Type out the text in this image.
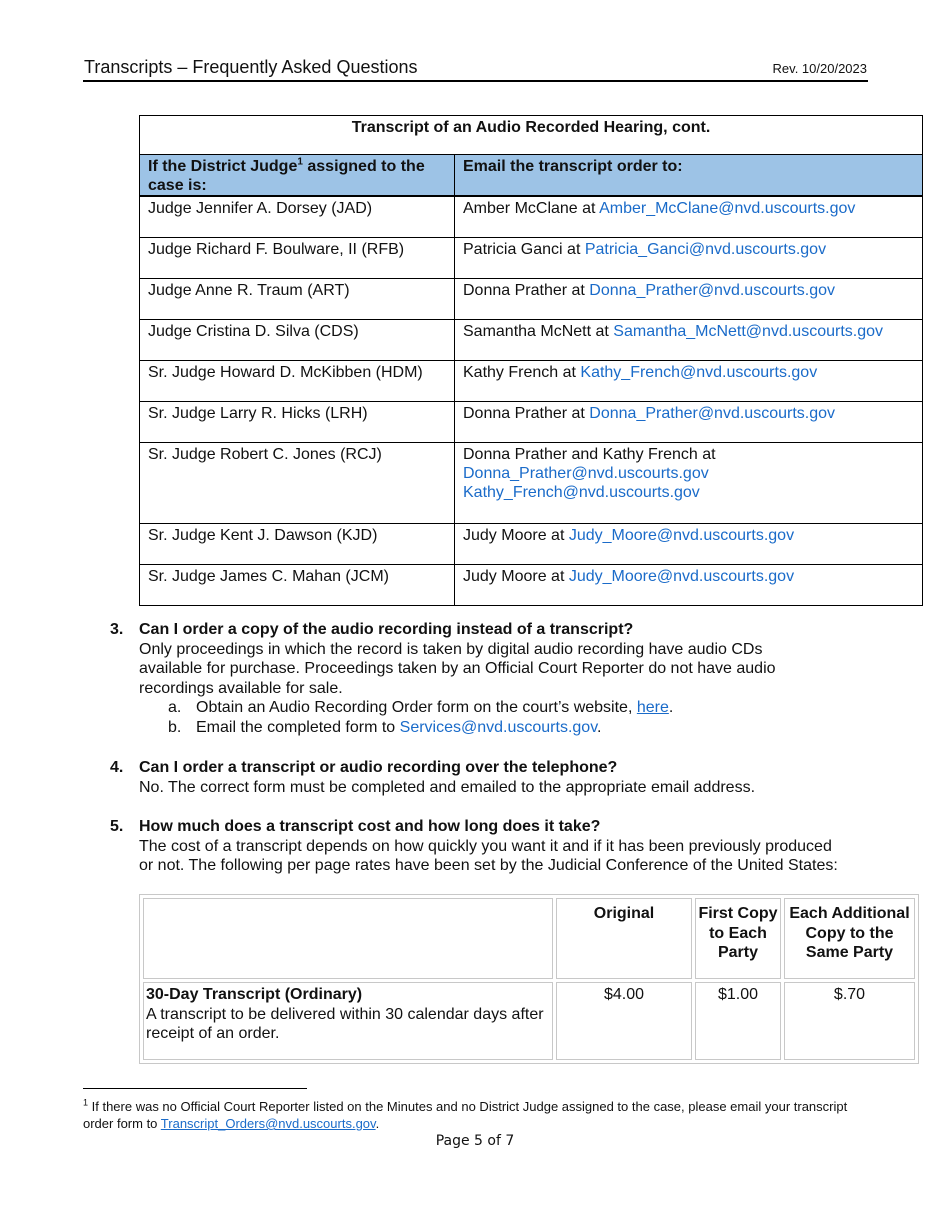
Transcripts – Frequently Asked Questions	Rev. 10/20/2023
Transcript of an Audio Recorded Hearing, cont.	
If the District Judge$^1$ assigned to the case is:	Email the transcript order to:
Judge Jennifer A. Dorsey (JAD)	Amber McClane at Amber_McClane@nvd.uscourts.gov
Judge Richard F. Boulware, II (RFB)	Patricia Ganci at Patricia_Ganci@nvd.uscourts.gov
Judge Anne R. Traum (ART)	Donna Prather at Donna_Prather@nvd.uscourts.gov
Judge Cristina D. Silva (CDS)	Samantha McNett at Samantha_McNett@nvd.uscourts.gov
Sr. Judge Howard D. McKibben (HDM)	Kathy French at Kathy_French@nvd.uscourts.gov
Sr. Judge Larry R. Hicks (LRH)	Donna Prather at Donna_Prather@nvd.uscourts.gov
Sr. Judge Robert C. Jones (RCJ)	Donna Prather and Kathy French at
Donna_Prather@nvd.uscourts.gov
Kathy_French@nvd.uscourts.gov

Sr. Judge Kent J. Dawson (KJD)	Judy Moore at Judy_Moore@nvd.uscourts.gov
Sr. Judge James C. Mahan (JCM)	Judy Moore at Judy_Moore@nvd.uscourts.gov
3. Can I order a copy of the audio recording instead of a transcript?
Only proceedings in which the record is taken by digital audio recording have audio CDs
available for purchase. Proceedings taken by an Official Court Reporter do not have audio
recordings available for sale.
a. Obtain an Audio Recording Order form on the court’s website, here.
b. Email the completed form to Services@nvd.uscourts.gov.
4. Can I order a transcript or audio recording over the telephone?
No. The correct form must be completed and emailed to the appropriate email address.
5. How much does a transcript cost and how long does it take?
The cost of a transcript depends on how quickly you want it and if it has been previously produced
or not. The following per page rates have been set by the Judicial Conference of the United States:
	Original	First Copy to Each Party	Each Additional Copy to the Same Party

30-Day Transcript (Ordinary)
A transcript to be delivered within 30 calendar days after receipt of an order.	$4.00	$1.00	$.70
$^1$ If there was no Official Court Reporter listed on the Minutes and no District Judge assigned to the case, please email your transcript order form to Transcript_Orders@nvd.uscourts.gov.
Page 5 of 7
